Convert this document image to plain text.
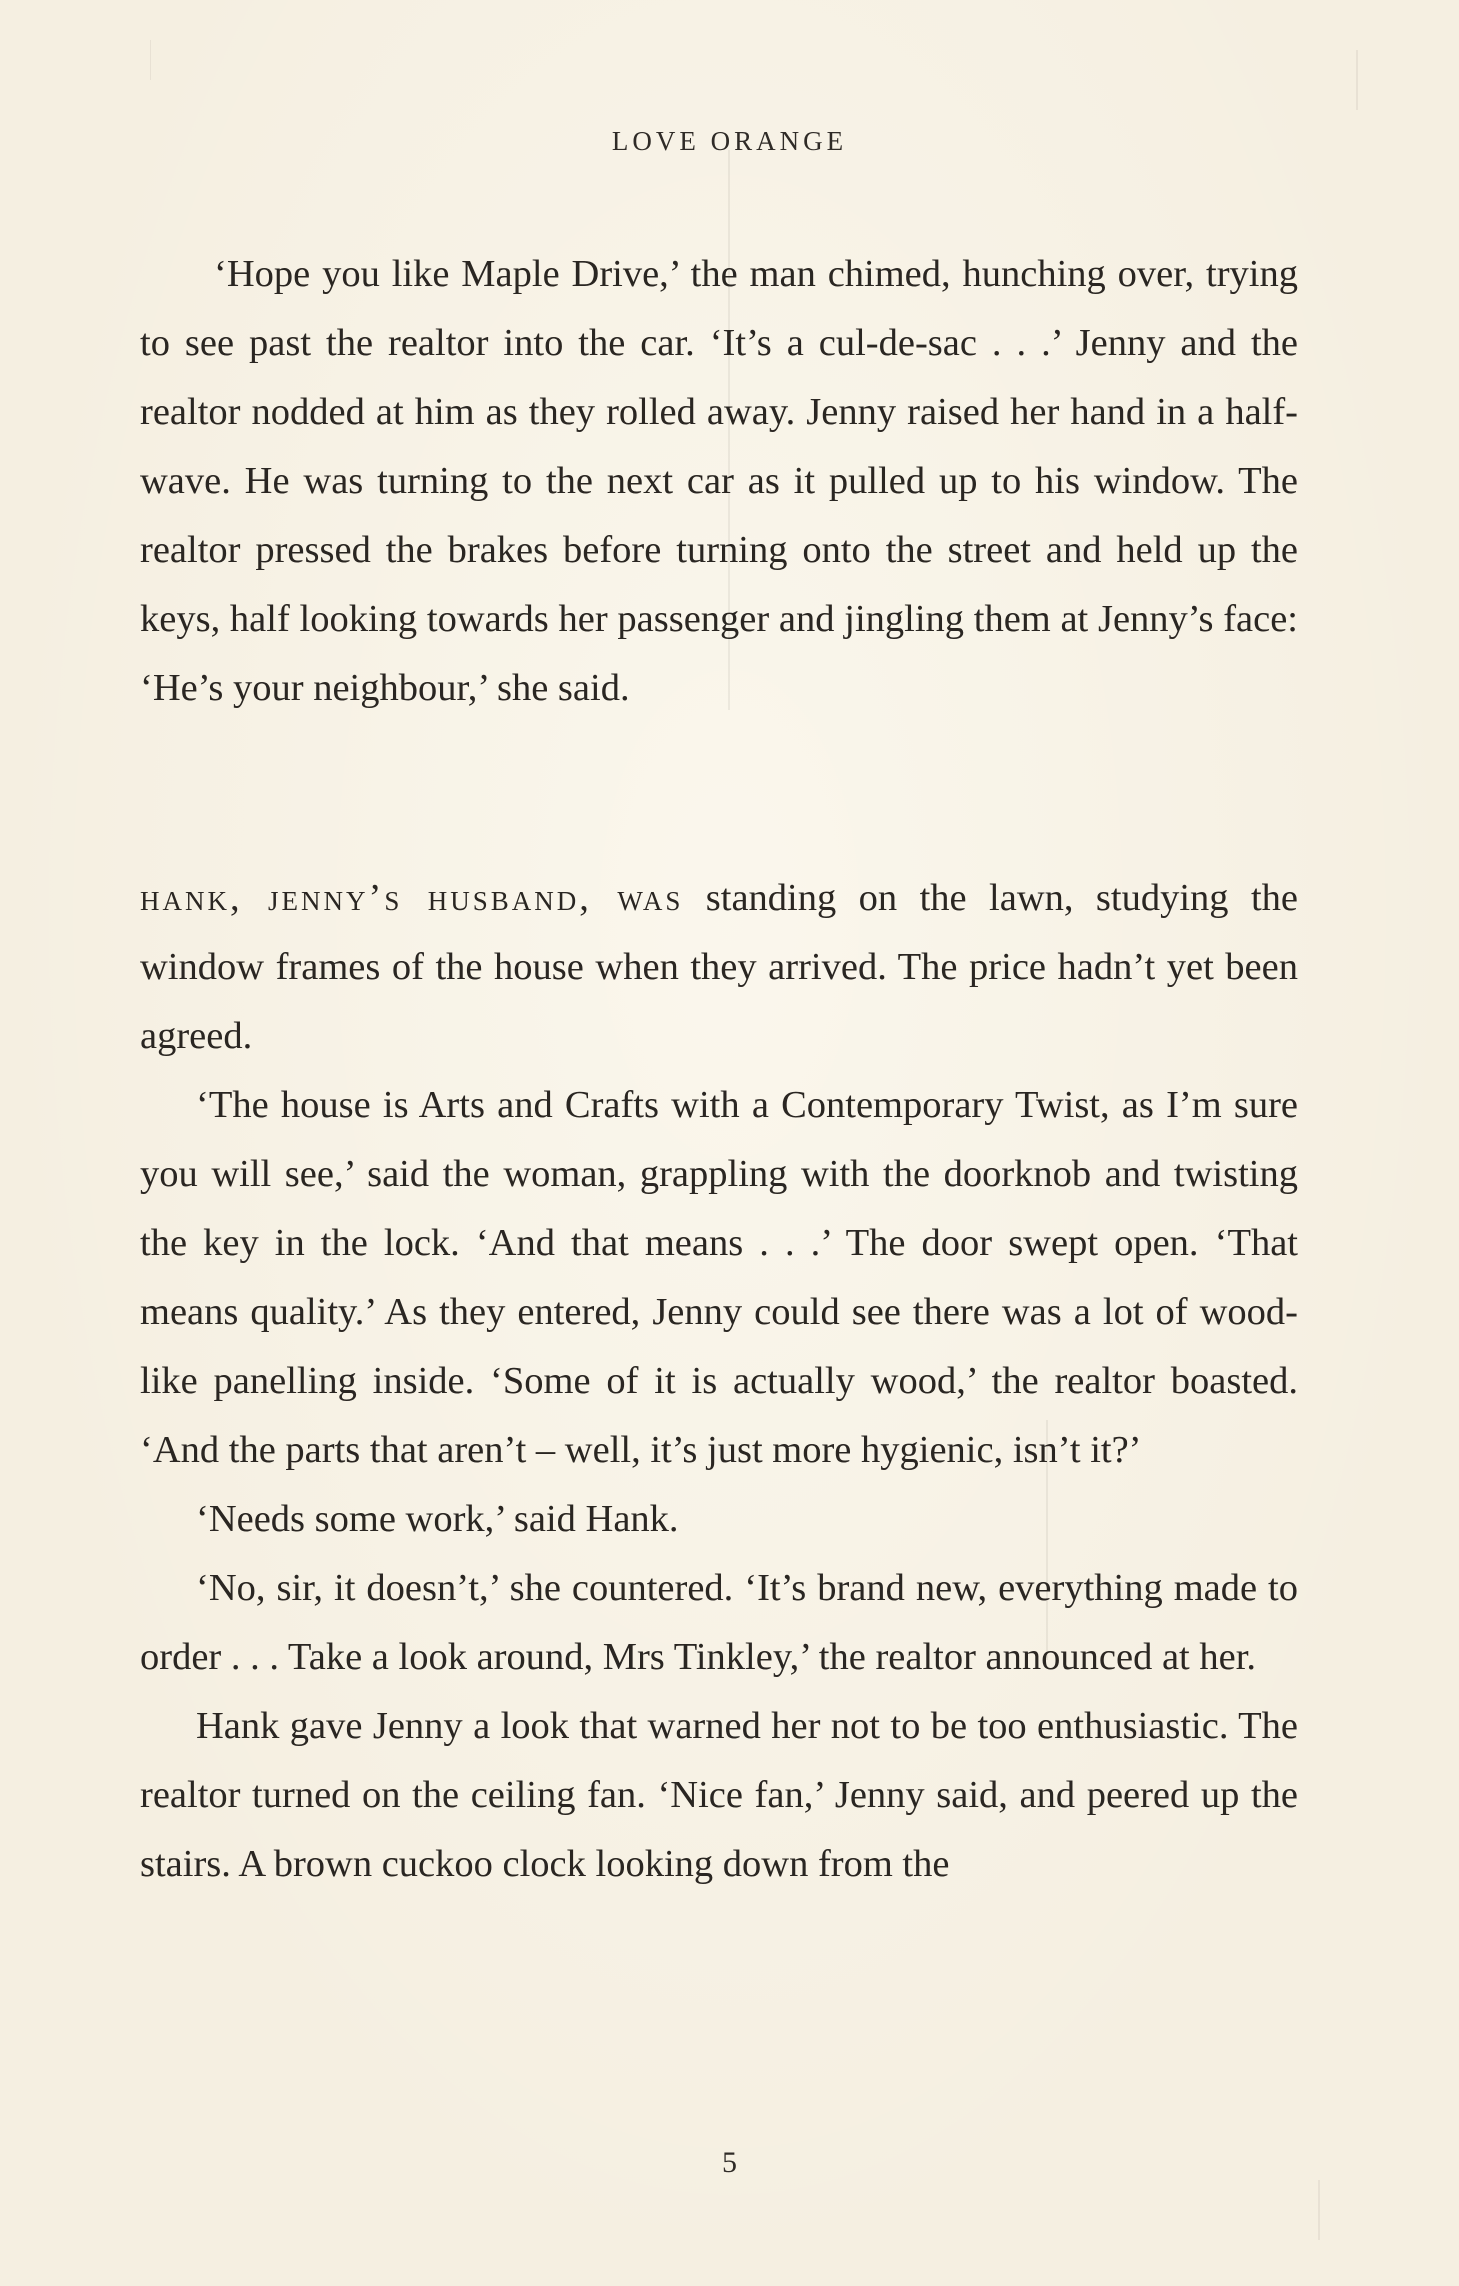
LOVE ORANGE

‘Hope you like Maple Drive,’ the man chimed, hunching over, trying to see past the realtor into the car. ‘It’s a cul-de-sac . . .’ Jenny and the realtor nodded at him as they rolled away. Jenny raised her hand in a half-wave. He was turning to the next car as it pulled up to his window. The realtor pressed the brakes before turning onto the street and held up the keys, half looking towards her passenger and jingling them at Jenny’s face: ‘He’s your neighbour,’ she said.

hank, jenny’s husband, was standing on the lawn, studying the window frames of the house when they arrived. The price hadn’t yet been agreed.

‘The house is Arts and Crafts with a Contemporary Twist, as I’m sure you will see,’ said the woman, grappling with the doorknob and twisting the key in the lock. ‘And that means . . .’ The door swept open. ‘That means quality.’ As they entered, Jenny could see there was a lot of wood-like panelling inside. ‘Some of it is actually wood,’ the realtor boasted. ‘And the parts that aren’t – well, it’s just more hygienic, isn’t it?’

‘Needs some work,’ said Hank.

‘No, sir, it doesn’t,’ she countered. ‘It’s brand new, everything made to order . . . Take a look around, Mrs Tinkley,’ the realtor announced at her.

Hank gave Jenny a look that warned her not to be too enthusiastic. The realtor turned on the ceiling fan. ‘Nice fan,’ Jenny said, and peered up the stairs. A brown cuckoo clock looking down from the

5
